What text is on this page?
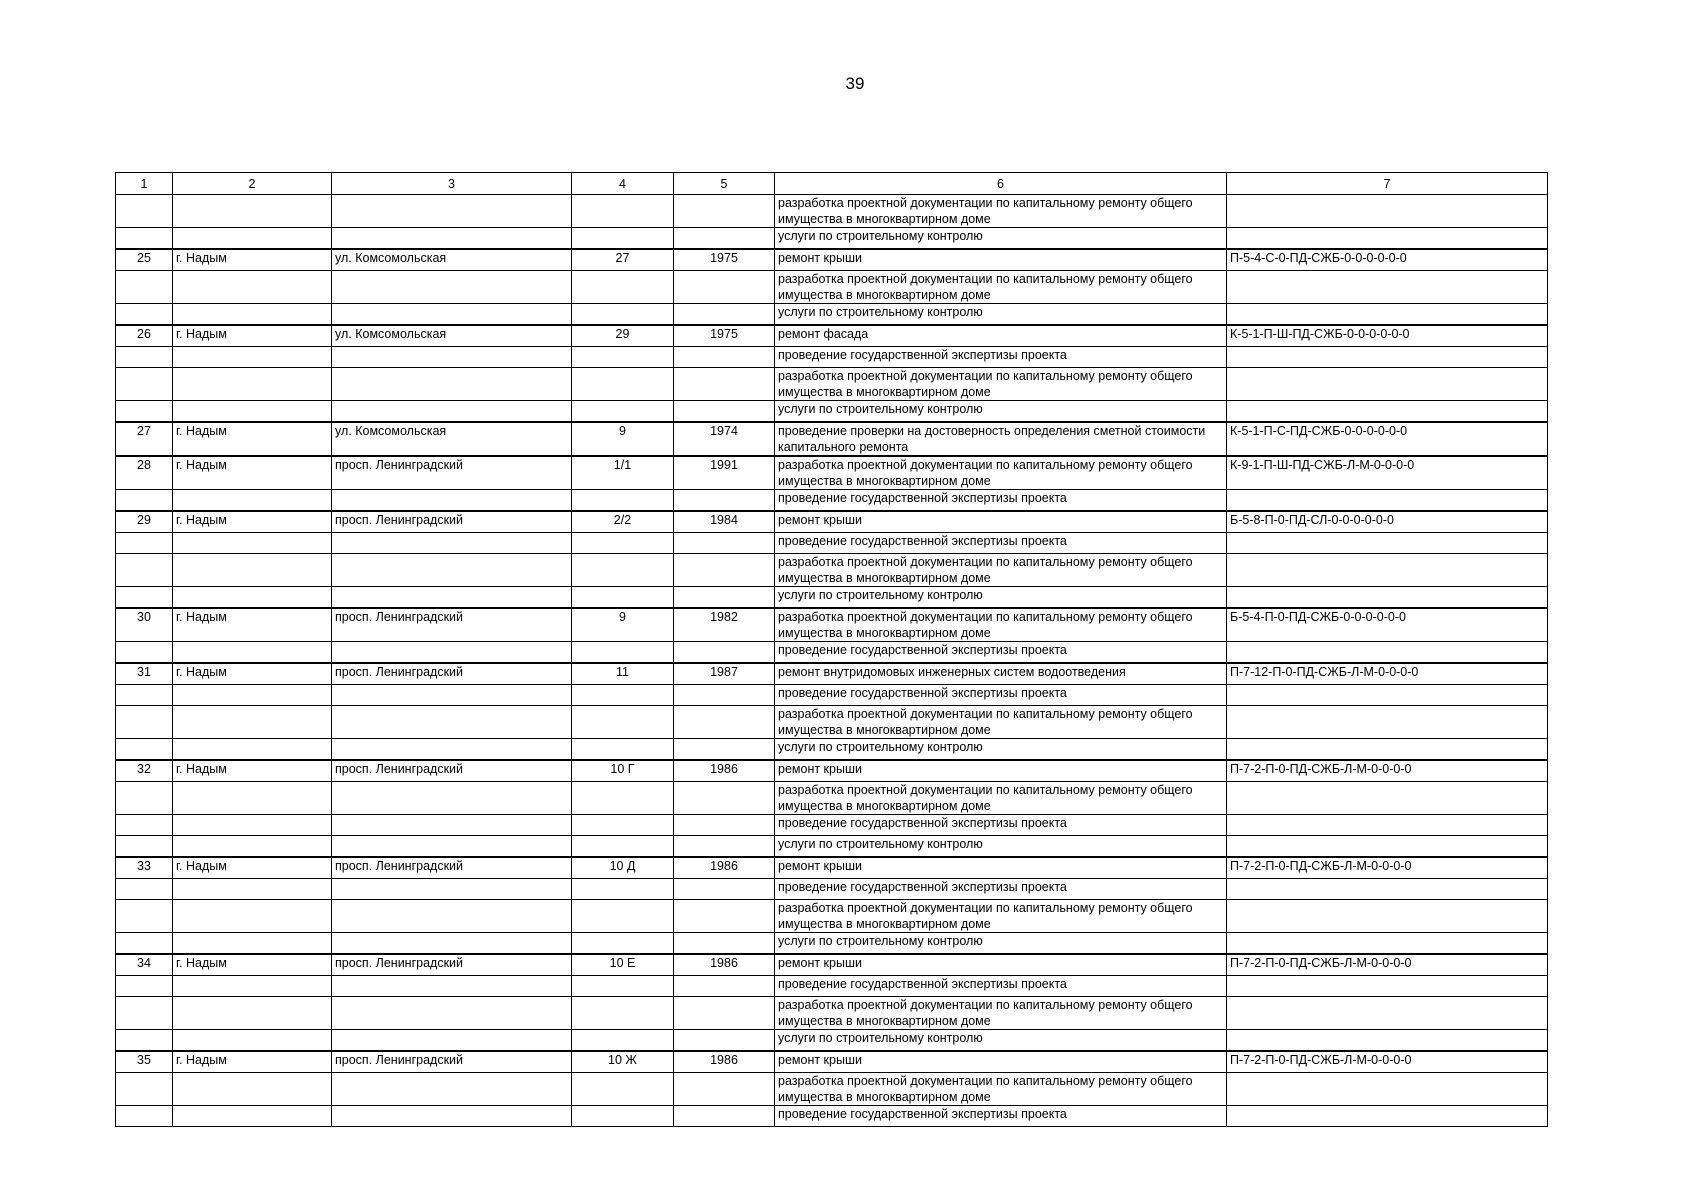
39
1	2	3	4	5	6	7
					разработка проектной документации по капитальному ремонту общего имущества в многоквартирном доме	
					услуги по строительному контролю	
25	г. Надым	ул. Комсомольская	27	1975	ремонт крыши	П-5-4-С-0-ПД-СЖБ-0-0-0-0-0-0
					разработка проектной документации по капитальному ремонту общего имущества в многоквартирном доме	
					услуги по строительному контролю	
26	г. Надым	ул. Комсомольская	29	1975	ремонт фасада	К-5-1-П-Ш-ПД-СЖБ-0-0-0-0-0-0
					проведение государственной экспертизы проекта	
					разработка проектной документации по капитальному ремонту общего имущества в многоквартирном доме	
					услуги по строительному контролю	
27	г. Надым	ул. Комсомольская	9	1974	проведение проверки на достоверность определения сметной стоимости капитального ремонта	К-5-1-П-С-ПД-СЖБ-0-0-0-0-0-0
28	г. Надым	просп. Ленинградский	1/1	1991	разработка проектной документации по капитальному ремонту общего имущества в многоквартирном доме	К-9-1-П-Ш-ПД-СЖБ-Л-М-0-0-0-0
					проведение государственной экспертизы проекта	
29	г. Надым	просп. Ленинградский	2/2	1984	ремонт крыши	Б-5-8-П-0-ПД-СЛ-0-0-0-0-0-0
					проведение государственной экспертизы проекта	
					разработка проектной документации по капитальному ремонту общего имущества в многоквартирном доме	
					услуги по строительному контролю	
30	г. Надым	просп. Ленинградский	9	1982	разработка проектной документации по капитальному ремонту общего имущества в многоквартирном доме	Б-5-4-П-0-ПД-СЖБ-0-0-0-0-0-0
					проведение государственной экспертизы проекта	
31	г. Надым	просп. Ленинградский	11	1987	ремонт внутридомовых инженерных систем водоотведения	П-7-12-П-0-ПД-СЖБ-Л-М-0-0-0-0
					проведение государственной экспертизы проекта	
					разработка проектной документации по капитальному ремонту общего имущества в многоквартирном доме	
					услуги по строительному контролю	
32	г. Надым	просп. Ленинградский	10 Г	1986	ремонт крыши	П-7-2-П-0-ПД-СЖБ-Л-М-0-0-0-0
					разработка проектной документации по капитальному ремонту общего имущества в многоквартирном доме	
					проведение государственной экспертизы проекта	
					услуги по строительному контролю	
33	г. Надым	просп. Ленинградский	10 Д	1986	ремонт крыши	П-7-2-П-0-ПД-СЖБ-Л-М-0-0-0-0
					проведение государственной экспертизы проекта	
					разработка проектной документации по капитальному ремонту общего имущества в многоквартирном доме	
					услуги по строительному контролю	
34	г. Надым	просп. Ленинградский	10 Е	1986	ремонт крыши	П-7-2-П-0-ПД-СЖБ-Л-М-0-0-0-0
					проведение государственной экспертизы проекта	
					разработка проектной документации по капитальному ремонту общего имущества в многоквартирном доме	
					услуги по строительному контролю	
35	г. Надым	просп. Ленинградский	10 Ж	1986	ремонт крыши	П-7-2-П-0-ПД-СЖБ-Л-М-0-0-0-0
					разработка проектной документации по капитальному ремонту общего имущества в многоквартирном доме	
					проведение государственной экспертизы проекта	
